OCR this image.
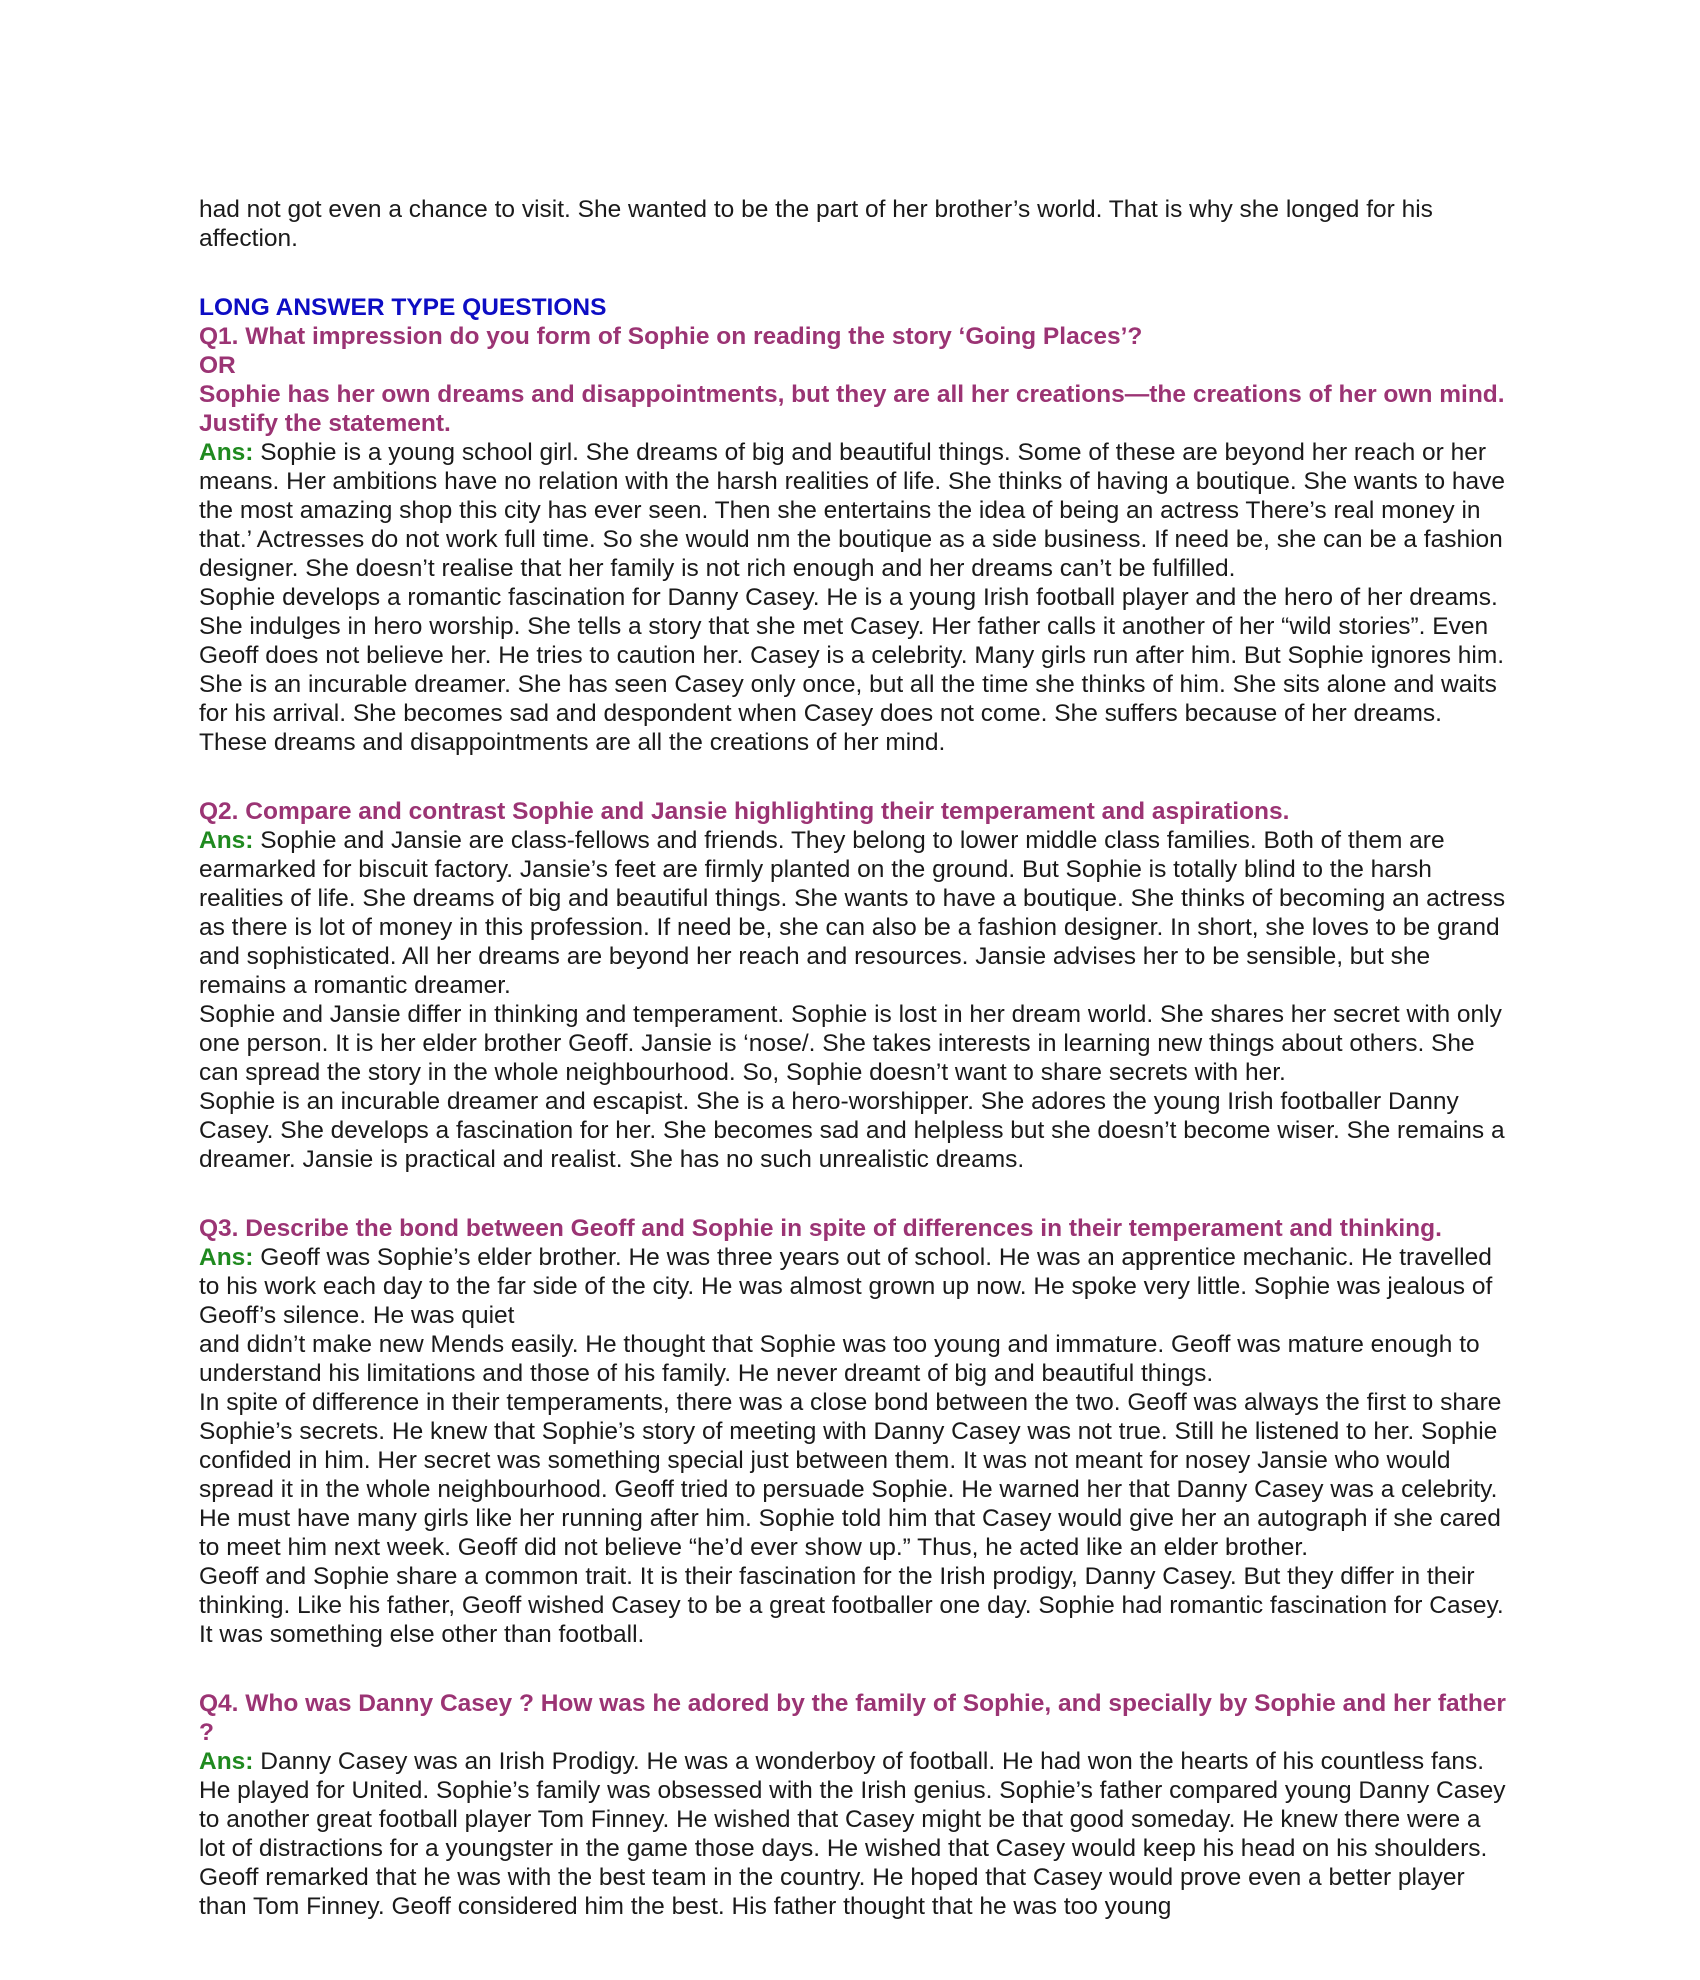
had not got even a chance to visit. She wanted to be the part of her brother’s world. That is why she longed for his affection.

LONG ANSWER TYPE QUESTIONS

Q1. What impression do you form of Sophie on reading the story ‘Going Places’?

OR

Sophie has her own dreams and disappointments, but they are all her creations—the creations of her own mind. Justify the statement.

Ans: Sophie is a young school girl. She dreams of big and beautiful things. Some of these are beyond her reach or her means. Her ambitions have no relation with the harsh realities of life. She thinks of having a boutique. She wants to have the most amazing shop this city has ever seen. Then she entertains the idea of being an actress There’s real money in that.’ Actresses do not work full time. So she would nm the boutique as a side business. If need be, she can be a fashion designer. She doesn’t realise that her family is not rich enough and her dreams can’t be fulfilled.

Sophie develops a romantic fascination for Danny Casey. He is a young Irish football player and the hero of her dreams. She indulges in hero worship. She tells a story that she met Casey. Her father calls it another of her “wild stories”. Even Geoff does not believe her. He tries to caution her. Casey is a celebrity. Many girls run after him. But Sophie ignores him.

She is an incurable dreamer. She has seen Casey only once, but all the time she thinks of him. She sits alone and waits for his arrival. She becomes sad and despondent when Casey does not come. She suffers because of her dreams. These dreams and disappointments are all the creations of her mind.

Q2. Compare and contrast Sophie and Jansie highlighting their temperament and aspirations.

Ans: Sophie and Jansie are class-fellows and friends. They belong to lower middle class families. Both of them are earmarked for biscuit factory. Jansie’s feet are firmly planted on the ground. But Sophie is totally blind to the harsh realities of life. She dreams of big and beautiful things. She wants to have a boutique. She thinks of becoming an actress as there is lot of money in this profession. If need be, she can also be a fashion designer. In short, she loves to be grand and sophisticated. All her dreams are beyond her reach and resources. Jansie advises her to be sensible, but she remains a romantic dreamer.

Sophie and Jansie differ in thinking and temperament. Sophie is lost in her dream world. She shares her secret with only one person. It is her elder brother Geoff. Jansie is ‘nose/. She takes interests in learning new things about others. She can spread the story in the whole neighbourhood. So, Sophie doesn’t want to share secrets with her.

Sophie is an incurable dreamer and escapist. She is a hero-worshipper. She adores the young Irish footballer Danny Casey. She develops a fascination for her. She becomes sad and helpless but she doesn’t become wiser. She remains a dreamer. Jansie is practical and realist. She has no such unrealistic dreams.

Q3. Describe the bond between Geoff and Sophie in spite of differences in their temperament and thinking.

Ans: Geoff was Sophie’s elder brother. He was three years out of school. He was an apprentice mechanic. He travelled to his work each day to the far side of the city. He was almost grown up now. He spoke very little. Sophie was jealous of Geoff’s silence. He was quiet

and didn’t make new Mends easily. He thought that Sophie was too young and immature. Geoff was mature enough to understand his limitations and those of his family. He never dreamt of big and beautiful things.

In spite of difference in their temperaments, there was a close bond between the two. Geoff was always the first to share Sophie’s secrets. He knew that Sophie’s story of meeting with Danny Casey was not true. Still he listened to her. Sophie confided in him. Her secret was something special just between them. It was not meant for nosey Jansie who would spread it in the whole neighbourhood. Geoff tried to persuade Sophie. He warned her that Danny Casey was a celebrity. He must have many girls like her running after him. Sophie told him that Casey would give her an autograph if she cared to meet him next week. Geoff did not believe “he’d ever show up.” Thus, he acted like an elder brother.

Geoff and Sophie share a common trait. It is their fascination for the Irish prodigy, Danny Casey. But they differ in their thinking. Like his father, Geoff wished Casey to be a great footballer one day. Sophie had romantic fascination for Casey. It was something else other than football.

Q4. Who was Danny Casey ? How was he adored by the family of Sophie, and specially by Sophie and her father ?

Ans: Danny Casey was an Irish Prodigy. He was a wonderboy of football. He had won the hearts of his countless fans. He played for United. Sophie’s family was obsessed with the Irish genius. Sophie’s father compared young Danny Casey to another great football player Tom Finney. He wished that Casey might be that good someday. He knew there were a lot of distractions for a youngster in the game those days. He wished that Casey would keep his head on his shoulders. Geoff remarked that he was with the best team in the country. He hoped that Casey would prove even a better player than Tom Finney. Geoff considered him the best. His father thought that he was too young
